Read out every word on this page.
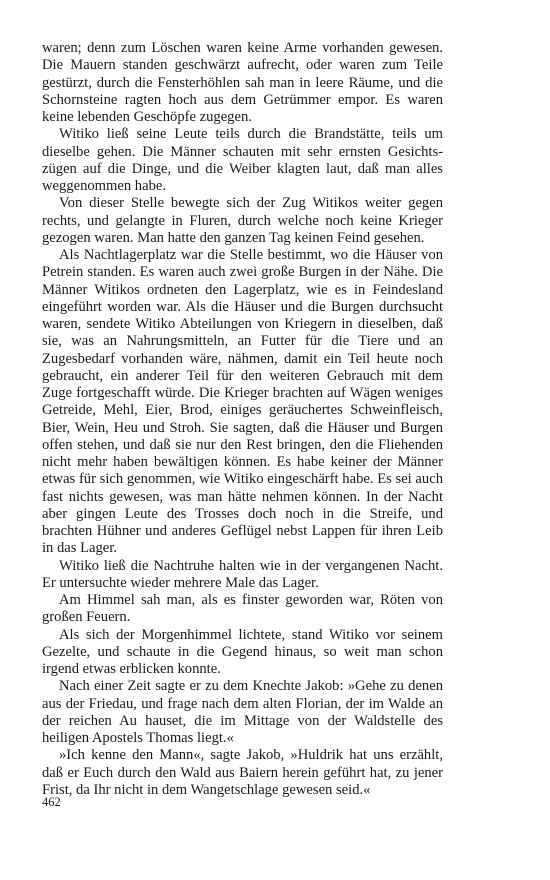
waren; denn zum Löschen waren keine Arme vorhanden gewesen. Die Mauern standen geschwärzt aufrecht, oder waren zum Teile gestürzt, durch die Fensterhöhlen sah man in leere Räume, und die Schornsteine ragten hoch aus dem Getrümmer empor. Es waren keine lebenden Geschöpfe zugegen.

Witiko ließ seine Leute teils durch die Brandstätte, teils um dieselbe gehen. Die Männer schauten mit sehr ernsten Gesichtszügen auf die Dinge, und die Weiber klagten laut, daß man alles weggenommen habe.

Von dieser Stelle bewegte sich der Zug Witikos weiter gegen rechts, und gelangte in Fluren, durch welche noch keine Krieger gezogen waren. Man hatte den ganzen Tag keinen Feind gesehen.

Als Nachtlagerplatz war die Stelle bestimmt, wo die Häuser von Petrein standen. Es waren auch zwei große Burgen in der Nähe. Die Männer Witikos ordneten den Lagerplatz, wie es in Feindesland eingeführt worden war. Als die Häuser und die Burgen durchsucht waren, sendete Witiko Abteilungen von Kriegern in dieselben, daß sie, was an Nahrungsmitteln, an Futter für die Tiere und an Zugesbedarf vorhanden wäre, nähmen, damit ein Teil heute noch gebraucht, ein anderer Teil für den weiteren Gebrauch mit dem Zuge fortgeschafft würde. Die Krieger brachten auf Wägen weniges Getreide, Mehl, Eier, Brod, einiges geräuchertes Schweinfleisch, Bier, Wein, Heu und Stroh. Sie sagten, daß die Häuser und Burgen offen stehen, und daß sie nur den Rest bringen, den die Fliehenden nicht mehr haben bewältigen können. Es habe keiner der Männer etwas für sich genommen, wie Witiko eingeschärft habe. Es sei auch fast nichts gewesen, was man hätte nehmen können. In der Nacht aber gingen Leute des Trosses doch noch in die Streife, und brachten Hühner und anderes Geflügel nebst Lappen für ihren Leib in das Lager.

Witiko ließ die Nachtruhe halten wie in der vergangenen Nacht. Er untersuchte wieder mehrere Male das Lager.

Am Himmel sah man, als es finster geworden war, Röten von großen Feuern.

Als sich der Morgenhimmel lichtete, stand Witiko vor seinem Gezelte, und schaute in die Gegend hinaus, so weit man schon irgend etwas erblicken konnte.

Nach einer Zeit sagte er zu dem Knechte Jakob: »Gehe zu denen aus der Friedau, und frage nach dem alten Florian, der im Walde an der reichen Au hauset, die im Mittage von der Waldstelle des heiligen Apostels Thomas liegt.«

»Ich kenne den Mann«, sagte Jakob, »Huldrik hat uns erzählt, daß er Euch durch den Wald aus Baiern herein geführt hat, zu jener Frist, da Ihr nicht in dem Wangetschlage gewesen seid.«

462
